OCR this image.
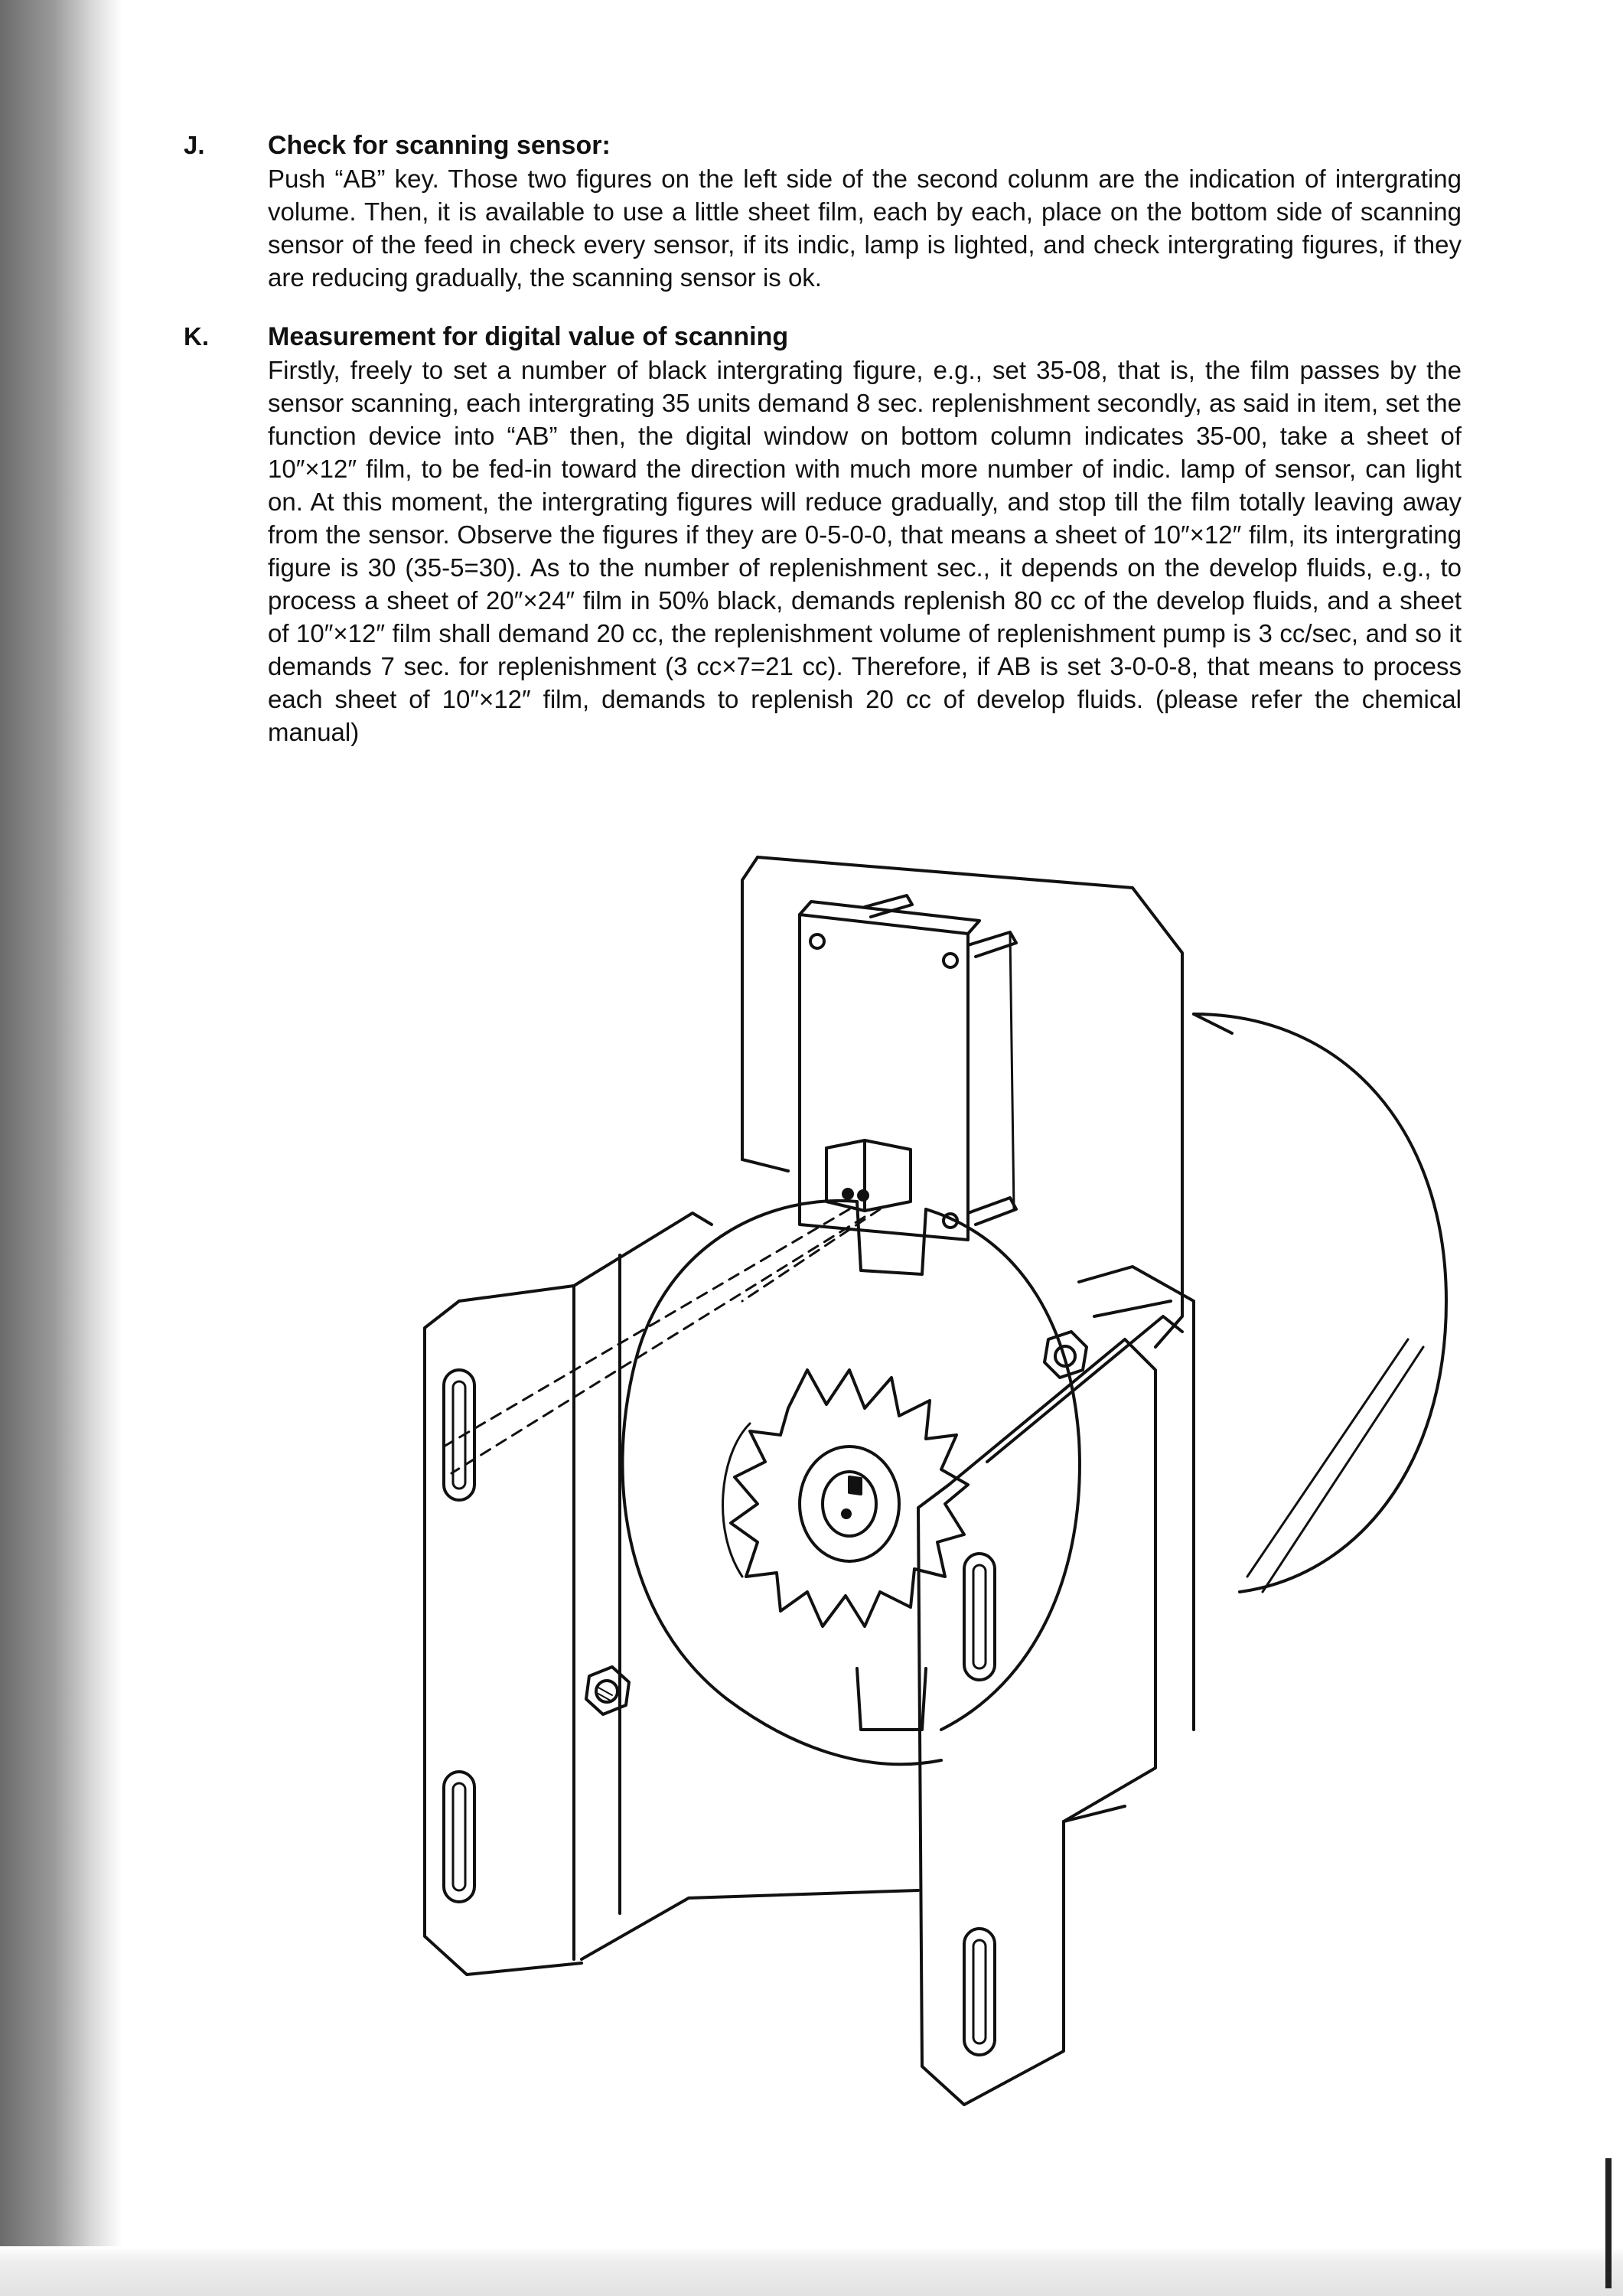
J. Check for scanning sensor:
Push “AB” key. Those two figures on the left side of the second colunm are the indication of intergrating volume. Then, it is available to use a little sheet film, each by each, place on the bottom side of scanning sensor of the feed in check every sensor, if its indic, lamp is lighted, and check intergrating figures, if they are reducing gradually, the scanning sensor is ok.
K. Measurement for digital value of scanning
Firstly, freely to set a number of black intergrating figure, e.g., set 35-08, that is, the film passes by the sensor scanning, each intergrating 35 units demand 8 sec. replenishment secondly, as said in item, set the function device into “AB” then, the digital window on bottom column indicates 35-00, take a sheet of 10″×12″ film, to be fed-in toward the direction with much more number of indic. lamp of sensor, can light on. At this moment, the intergrating figures will reduce gradually, and stop till the film totally leaving away from the sensor. Observe the figures if they are 0-5-0-0, that means a sheet of 10″×12″ film, its intergrating figure is 30 (35-5=30). As to the number of replenishment sec., it depends on the develop fluids, e.g., to process a sheet of 20″×24″ film in 50% black, demands replenish 80 cc of the develop fluids, and a sheet of 10″×12″ film shall demand 20 cc, the replenishment volume of replenishment pump is 3 cc/sec, and so it demands 7 sec. for replenishment (3 cc×7=21 cc). Therefore, if AB is set 3-0-0-8, that means to process each sheet of 10″×12″ film, demands to replenish 20 cc of develop fluids. (please refer the chemical manual)
